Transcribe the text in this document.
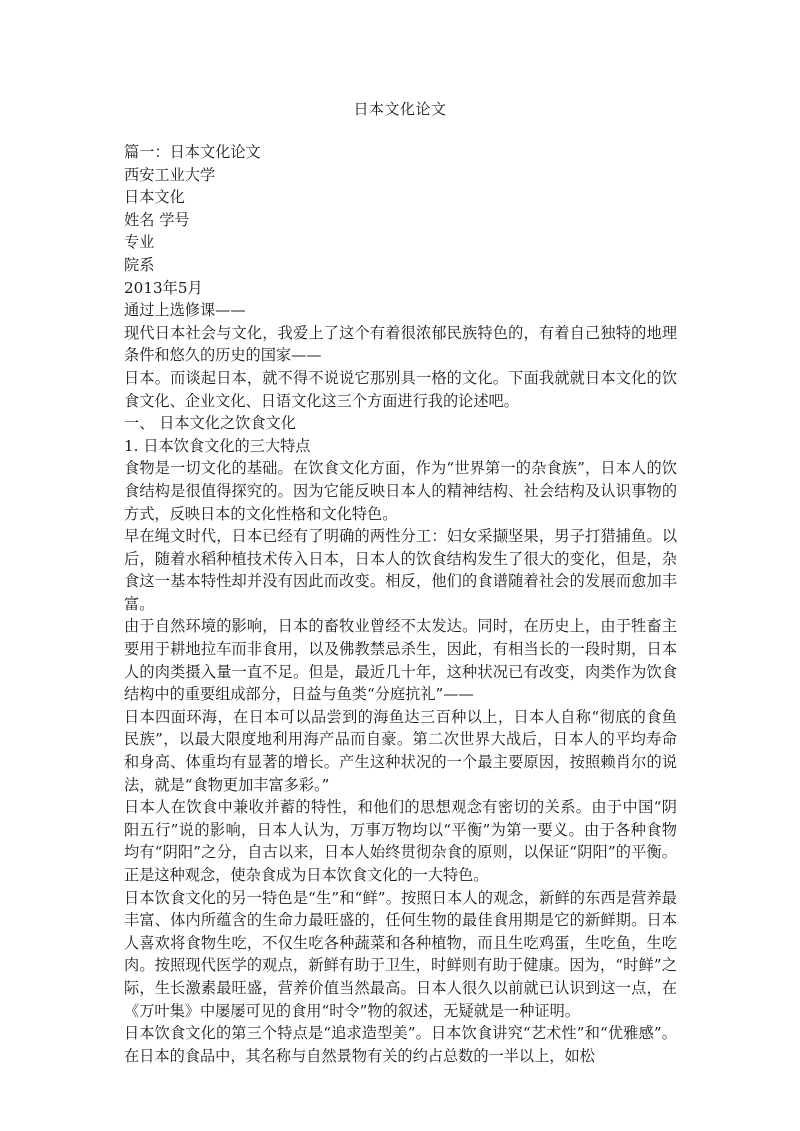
日本文化论文

篇一：日本文化论文

西安工业大学

日本文化

姓名 学号

专业

院系

2013年5月

通过上选修课——

现代日本社会与文化，我爱上了这个有着很浓郁民族特色的，有着自己独特的地理条件和悠久的历史的国家——

日本。而谈起日本，就不得不说说它那别具一格的文化。下面我就就日本文化的饮食文化、企业文化、日语文化这三个方面进行我的论述吧。

一、 日本文化之饮食文化

1. 日本饮食文化的三大特点

食物是一切文化的基础。在饮食文化方面，作为“世界第一的杂食族”，日本人的饮食结构是很值得探究的。因为它能反映日本人的精神结构、社会结构及认识事物的方式，反映日本的文化性格和文化特色。

早在绳文时代，日本已经有了明确的两性分工：妇女采撷坚果，男子打猎捕鱼。以后，随着水稻种植技术传入日本，日本人的饮食结构发生了很大的变化，但是，杂食这一基本特性却并没有因此而改变。相反，他们的食谱随着社会的发展而愈加丰富。

由于自然环境的影响，日本的畜牧业曾经不太发达。同时，在历史上，由于牲畜主要用于耕地拉车而非食用，以及佛教禁忌杀生，因此，有相当长的一段时期，日本人的肉类摄入量一直不足。但是，最近几十年，这种状况已有改变，肉类作为饮食结构中的重要组成部分，日益与鱼类“分庭抗礼”——

日本四面环海，在日本可以品尝到的海鱼达三百种以上，日本人自称“彻底的食鱼民族”，以最大限度地利用海产品而自豪。第二次世界大战后，日本人的平均寿命和身高、体重均有显著的增长。产生这种状况的一个最主要原因，按照赖肖尔的说法，就是“食物更加丰富多彩。”

日本人在饮食中兼收并蓄的特性，和他们的思想观念有密切的关系。由于中国“阴阳五行”说的影响，日本人认为，万事万物均以“平衡”为第一要义。由于各种食物均有“阴阳”之分，自古以来，日本人始终贯彻杂食的原则，以保证“阴阳”的平衡。正是这种观念，使杂食成为日本饮食文化的一大特色。

日本饮食文化的另一特色是“生”和“鲜”。按照日本人的观念，新鲜的东西是营养最丰富、体内所蕴含的生命力最旺盛的，任何生物的最佳食用期是它的新鲜期。日本人喜欢将食物生吃，不仅生吃各种蔬菜和各种植物，而且生吃鸡蛋，生吃鱼，生吃肉。按照现代医学的观点，新鲜有助于卫生，时鲜则有助于健康。因为，“时鲜”之际，生长激素最旺盛，营养价值当然最高。日本人很久以前就已认识到这一点，在《万叶集》中屡屡可见的食用“时令”物的叙述，无疑就是一种证明。

日本饮食文化的第三个特点是“追求造型美”。日本饮食讲究“艺术性”和“优雅感”。在日本的食品中，其名称与自然景物有关的约占总数的一半以上，如松
